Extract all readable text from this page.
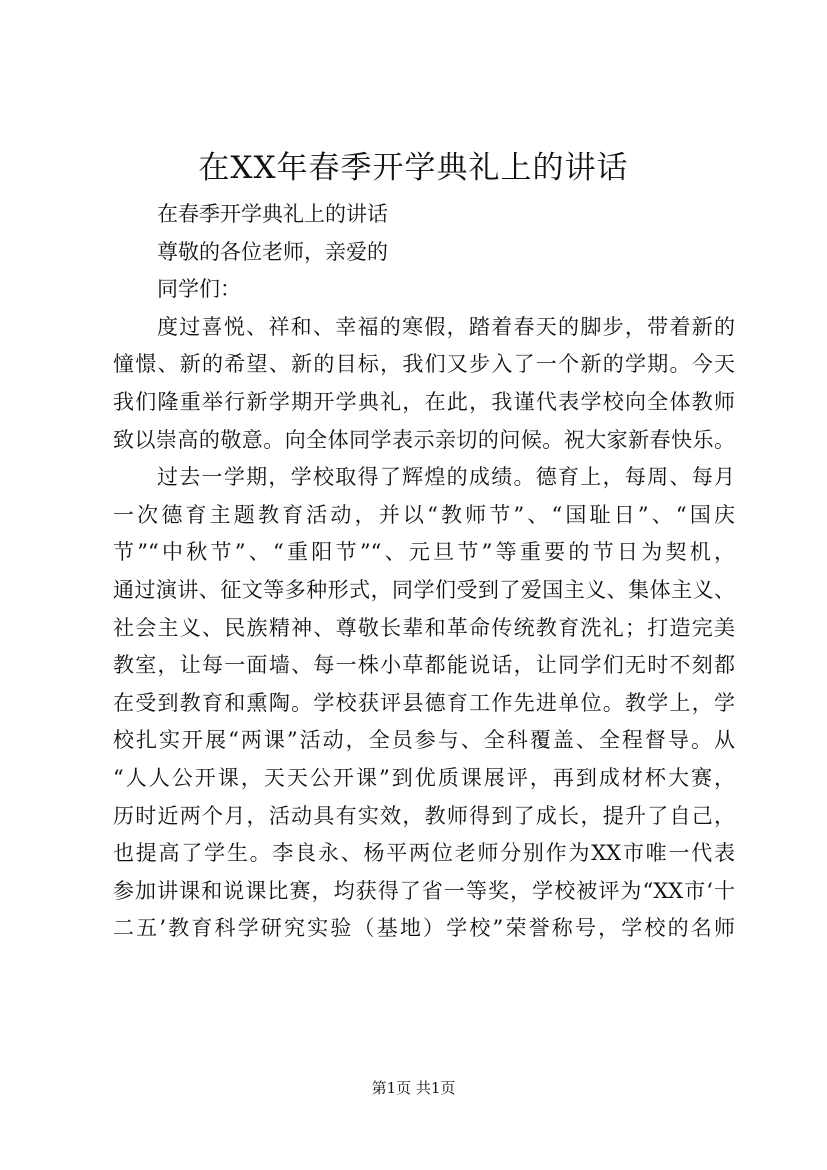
在XX年春季开学典礼上的讲话
在春季开学典礼上的讲话
尊敬的各位老师，亲爱的
同学们：
度过喜悦、祥和、幸福的寒假，踏着春天的脚步，带着新的
憧憬、新的希望、新的目标，我们又步入了一个新的学期。今天
我们隆重举行新学期开学典礼，在此，我谨代表学校向全体教师
致以崇高的敬意。向全体同学表示亲切的问候。祝大家新春快乐。
过去一学期，学校取得了辉煌的成绩。德育上，每周、每月
一次德育主题教育活动，并以“教师节”、“国耻日”、“国庆
节”“中秋节”、“重阳节”“、元旦节”等重要的节日为契机，
通过演讲、征文等多种形式，同学们受到了爱国主义、集体主义、
社会主义、民族精神、尊敬长辈和革命传统教育洗礼；打造完美
教室，让每一面墙、每一株小草都能说话，让同学们无时不刻都
在受到教育和熏陶。学校获评县德育工作先进单位。教学上，学
校扎实开展“两课”活动，全员参与、全科覆盖、全程督导。从
“人人公开课，天天公开课”到优质课展评，再到成材杯大赛，
历时近两个月，活动具有实效，教师得到了成长，提升了自己，
也提高了学生。李良永、杨平两位老师分别作为XX市唯一代表
参加讲课和说课比赛，均获得了省一等奖，学校被评为“XX市‘十
二五’教育科学研究实验（基地）学校”荣誉称号，学校的名师
第1页 共1页
